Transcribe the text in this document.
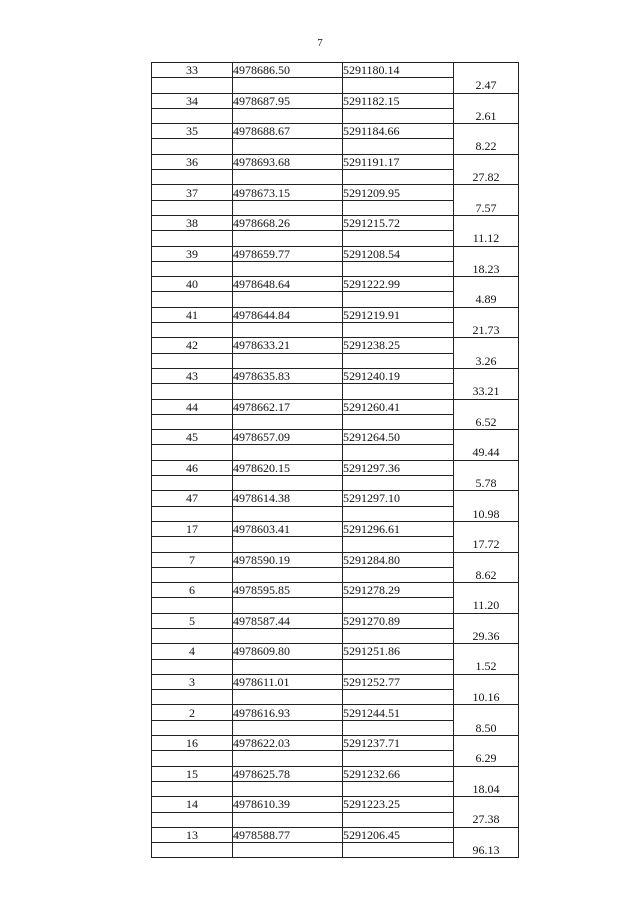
7
33	4978686.50	5291180.14	
			2.47
34	4978687.95	5291182.15	
			2.61
35	4978688.67	5291184.66	
			8.22
36	4978693.68	5291191.17	
			27.82
37	4978673.15	5291209.95	
			7.57
38	4978668.26	5291215.72	
			11.12
39	4978659.77	5291208.54	
			18.23
40	4978648.64	5291222.99	
			4.89
41	4978644.84	5291219.91	
			21.73
42	4978633.21	5291238.25	
			3.26
43	4978635.83	5291240.19	
			33.21
44	4978662.17	5291260.41	
			6.52
45	4978657.09	5291264.50	
			49.44
46	4978620.15	5291297.36	
			5.78
47	4978614.38	5291297.10	
			10.98
17	4978603.41	5291296.61	
			17.72
7	4978590.19	5291284.80	
			8.62
6	4978595.85	5291278.29	
			11.20
5	4978587.44	5291270.89	
			29.36
4	4978609.80	5291251.86	
			1.52
3	4978611.01	5291252.77	
			10.16
2	4978616.93	5291244.51	
			8.50
16	4978622.03	5291237.71	
			6.29
15	4978625.78	5291232.66	
			18.04
14	4978610.39	5291223.25	
			27.38
13	4978588.77	5291206.45	
			96.13
